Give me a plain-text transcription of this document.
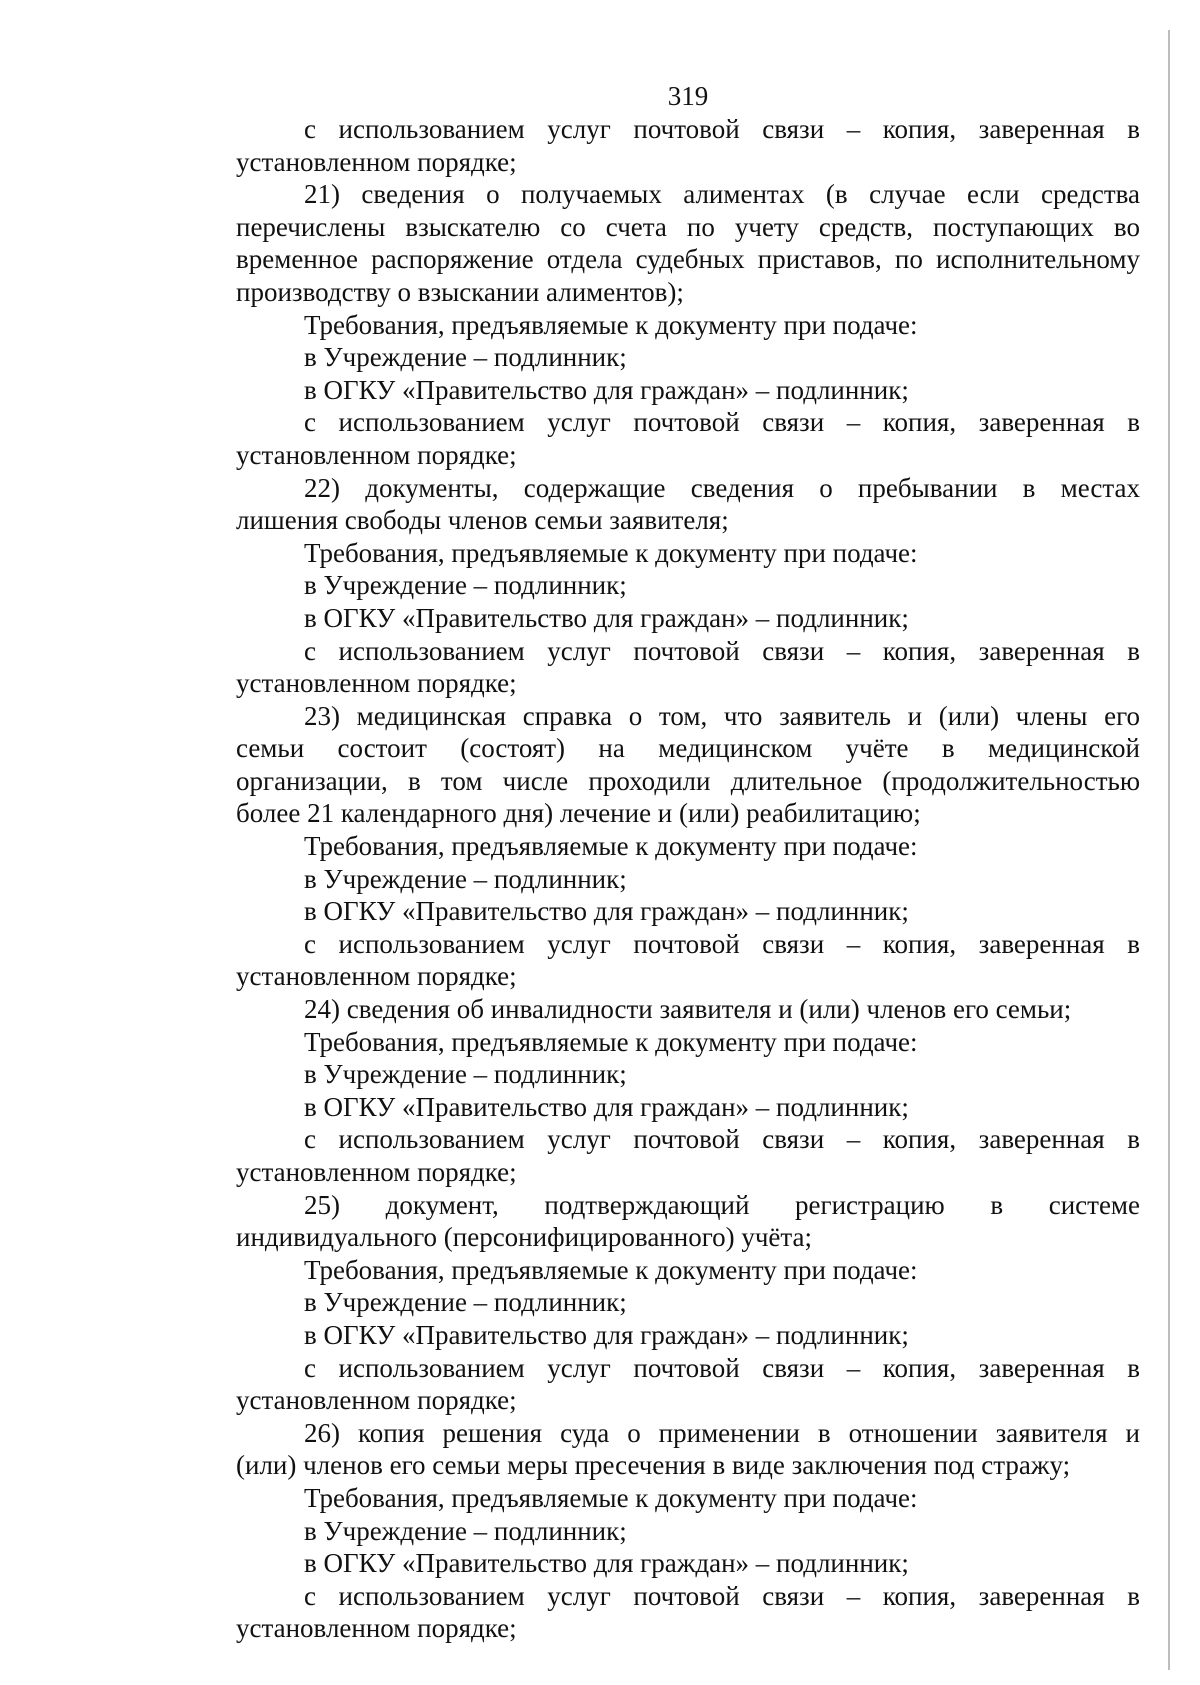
319
с использованием услуг почтовой связи – копия, заверенная в
установленном порядке;
21) сведения о получаемых алиментах (в случае если средства
перечислены взыскателю со счета по учету средств, поступающих во
временное распоряжение отдела судебных приставов, по исполнительному
производству о взыскании алиментов);
Требования, предъявляемые к документу при подаче:
в Учреждение – подлинник;
в ОГКУ «Правительство для граждан» – подлинник;
с использованием услуг почтовой связи – копия, заверенная в
установленном порядке;
22) документы, содержащие сведения о пребывании в местах
лишения свободы членов семьи заявителя;
Требования, предъявляемые к документу при подаче:
в Учреждение – подлинник;
в ОГКУ «Правительство для граждан» – подлинник;
с использованием услуг почтовой связи – копия, заверенная в
установленном порядке;
23) медицинская справка о том, что заявитель и (или) члены его
семьи состоит (состоят) на медицинском учёте в медицинской
организации, в том числе проходили длительное (продолжительностью
более 21 календарного дня) лечение и (или) реабилитацию;
Требования, предъявляемые к документу при подаче:
в Учреждение – подлинник;
в ОГКУ «Правительство для граждан» – подлинник;
с использованием услуг почтовой связи – копия, заверенная в
установленном порядке;
24) сведения об инвалидности заявителя и (или) членов его семьи;
Требования, предъявляемые к документу при подаче:
в Учреждение – подлинник;
в ОГКУ «Правительство для граждан» – подлинник;
с использованием услуг почтовой связи – копия, заверенная в
установленном порядке;
25) документ, подтверждающий регистрацию в системе
индивидуального (персонифицированного) учёта;
Требования, предъявляемые к документу при подаче:
в Учреждение – подлинник;
в ОГКУ «Правительство для граждан» – подлинник;
с использованием услуг почтовой связи – копия, заверенная в
установленном порядке;
26) копия решения суда о применении в отношении заявителя и
(или) членов его семьи меры пресечения в виде заключения под стражу;
Требования, предъявляемые к документу при подаче:
в Учреждение – подлинник;
в ОГКУ «Правительство для граждан» – подлинник;
с использованием услуг почтовой связи – копия, заверенная в
установленном порядке;
